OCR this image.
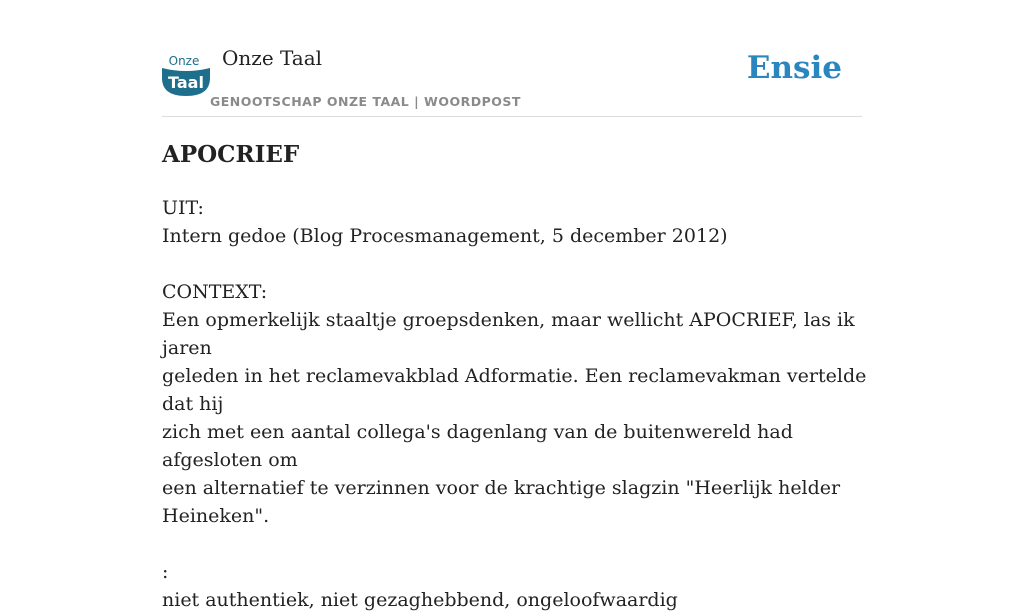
Onze
Taal
Onze Taal
GENOOTSCHAP ONZE TAAL | WOORDPOST
Ensie
APOCRIEF

UIT:

Intern gedoe (Blog Procesmanagement, 5 december 2012)

CONTEXT:

Een opmerkelijk staaltje groepsdenken, maar wellicht APOCRIEF, las ik jaren

geleden in het reclamevakblad Adformatie. Een reclamevakman vertelde dat hij

zich met een aantal collega's dagenlang van de buitenwereld had afgesloten om

een alternatief te verzinnen voor de krachtige slagzin "Heerlijk helder Heineken".

:

niet authentiek, niet gezaghebbend, ongeloofwaardig
